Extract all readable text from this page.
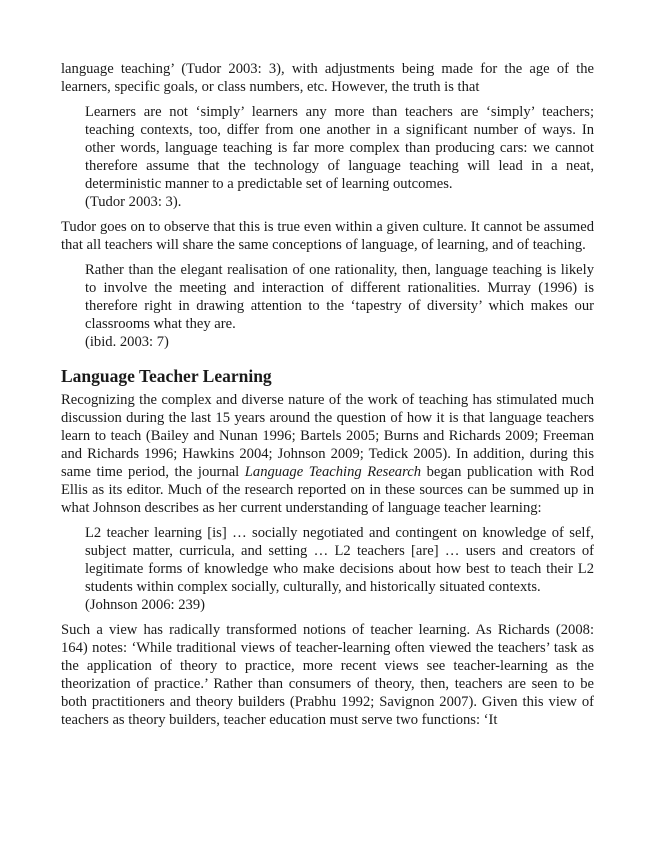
language teaching’ (Tudor 2003: 3), with adjustments being made for the age of the learners, specific goals, or class numbers, etc. However, the truth is that

Learners are not ‘simply’ learners any more than teachers are ‘simply’ teachers; teaching contexts, too, differ from one another in a significant number of ways. In other words, language teaching is far more complex than producing cars: we cannot therefore assume that the technology of language teaching will lead in a neat, deterministic manner to a predictable set of learning outcomes.

(Tudor 2003: 3).

Tudor goes on to observe that this is true even within a given culture. It cannot be assumed that all teachers will share the same conceptions of language, of learning, and of teaching.

Rather than the elegant realisation of one rationality, then, language teaching is likely to involve the meeting and interaction of different rationalities. Murray (1996) is therefore right in drawing attention to the ‘tapestry of diversity’ which makes our classrooms what they are.

(ibid. 2003: 7)

Language Teacher Learning

Recognizing the complex and diverse nature of the work of teaching has stimulated much discussion during the last 15 years around the question of how it is that language teachers learn to teach (Bailey and Nunan 1996; Bartels 2005; Burns and Richards 2009; Freeman and Richards 1996; Hawkins 2004; Johnson 2009; Tedick 2005). In addition, during this same time period, the journal Language Teaching Research began publication with Rod Ellis as its editor. Much of the research reported on in these sources can be summed up in what Johnson describes as her current understanding of language teacher learning:

L2 teacher learning [is] … socially negotiated and contingent on knowledge of self, subject matter, curricula, and setting … L2 teachers [are] … users and creators of legitimate forms of knowledge who make decisions about how best to teach their L2 students within complex socially, culturally, and historically situated contexts.

(Johnson 2006: 239)

Such a view has radically transformed notions of teacher learning. As Richards (2008: 164) notes: ‘While traditional views of teacher-learning often viewed the teachers’ task as the application of theory to practice, more recent views see teacher-learning as the theorization of practice.’ Rather than consumers of theory, then, teachers are seen to be both practitioners and theory builders (Prabhu 1992; Savignon 2007). Given this view of teachers as theory builders, teacher education must serve two functions: ‘It
